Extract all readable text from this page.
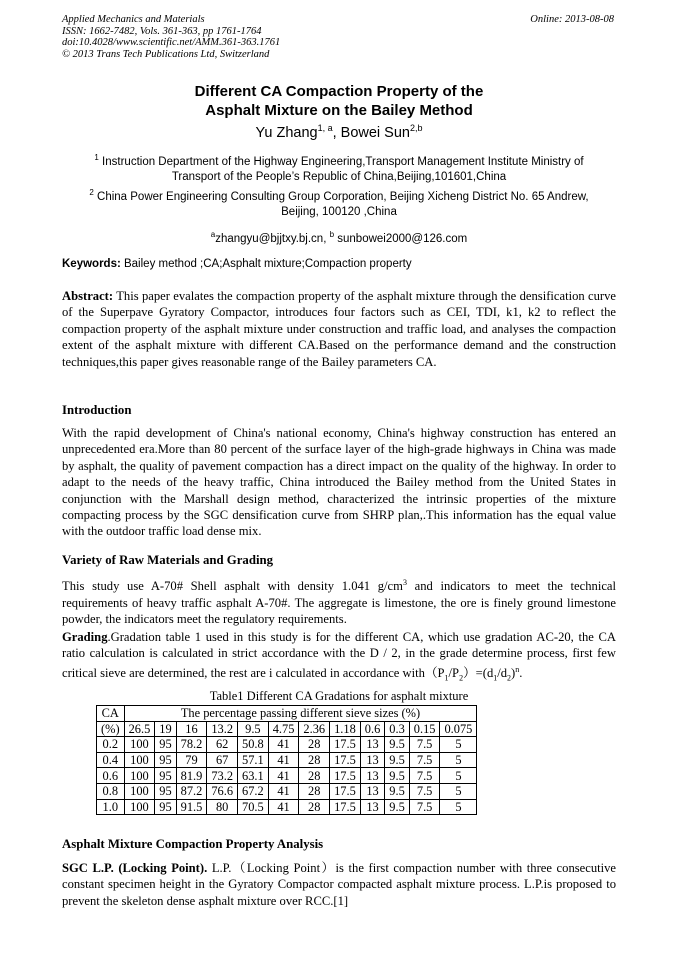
Applied Mechanics and Materials
ISSN: 1662-7482, Vols. 361-363, pp 1761-1764
doi:10.4028/www.scientific.net/AMM.361-363.1761
© 2013 Trans Tech Publications Ltd, Switzerland
Online: 2013-08-08
Different CA Compaction Property of the
Asphalt Mixture on the Bailey Method
Yu Zhang$^{1, a}$, Bowei Sun$^{2,b}$
$^1$ Instruction Department of the Highway Engineering,Transport Management Institute Ministry of
Transport of the People’s Republic of China,Beijing,101601,China
$^2$ China Power Engineering Consulting Group Corporation, Beijing Xicheng District No. 65 Andrew,
Beijing, 100120 ,China
$^a$zhangyu@bjjtxy.bj.cn, $^b$ sunbowei2000@126.com
Keywords: Bailey method ;CA;Asphalt mixture;Compaction property
Abstract: This paper evalates the compaction property of the asphalt mixture through the densification curve of the Superpave Gyratory Compactor, introduces four factors such as CEI, TDI, k1, k2 to reflect the compaction property of the asphalt mixture under construction and traffic load, and analyses the compaction extent of the asphalt mixture with different CA.Based on the performance demand and the construction techniques,this paper gives reasonable range of the Bailey parameters CA.
Introduction
With the rapid development of China's national economy, China's highway construction has entered an unprecedented era.More than 80 percent of the surface layer of the high-grade highways in China was made by asphalt, the quality of pavement compaction has a direct impact on the quality of the highway. In order to adapt to the needs of the heavy traffic, China introduced the Bailey method from the United States in conjunction with the Marshall design method, characterized the intrinsic properties of the mixture compacting process by the SGC densification curve from SHRP plan,.This information has the equal value with the outdoor traffic load dense mix.
Variety of Raw Materials and Grading
This study use A-70# Shell asphalt with density 1.041 $g/cm^3$ and indicators to meet the technical requirements of heavy traffic asphalt A-70#. The aggregate is limestone, the ore is finely ground limestone powder, the indicators meet the regulatory requirements.
Grading.Gradation table 1 used in this study is for the different CA, which use gradation AC-20, the CA ratio calculation is calculated in strict accordance with the D / 2, in the grade determine process, first few critical sieve are determined, the rest are i calculated in accordance $with(P_1/P_2)=(d_1/d_2)^n$.
Table1 Different CA Gradations for asphalt mixture
CA	The percentage passing different sieve sizes (%)											
(%)	26.5	19	16	13.2	9.5	4.75	2.36	1.18	0.6	0.3	0.15	0.075
0.2	100	95	78.2	62	50.8	41	28	17.5	13	9.5	7.5	5
0.4	100	95	79	67	57.1	41	28	17.5	13	9.5	7.5	5
0.6	100	95	81.9	73.2	63.1	41	28	17.5	13	9.5	7.5	5
0.8	100	95	87.2	76.6	67.2	41	28	17.5	13	9.5	7.5	5
1.0	100	95	91.5	80	70.5	41	28	17.5	13	9.5	7.5	5
Asphalt Mixture Compaction Property Analysis
SGC L.P. (Locking Point). L.P.（Locking Point）is the first compaction number with three consecutive constant specimen height in the Gyratory Compactor compacted asphalt mixture process. L.P.is proposed to prevent the skeleton dense asphalt mixture over RCC.[1]
